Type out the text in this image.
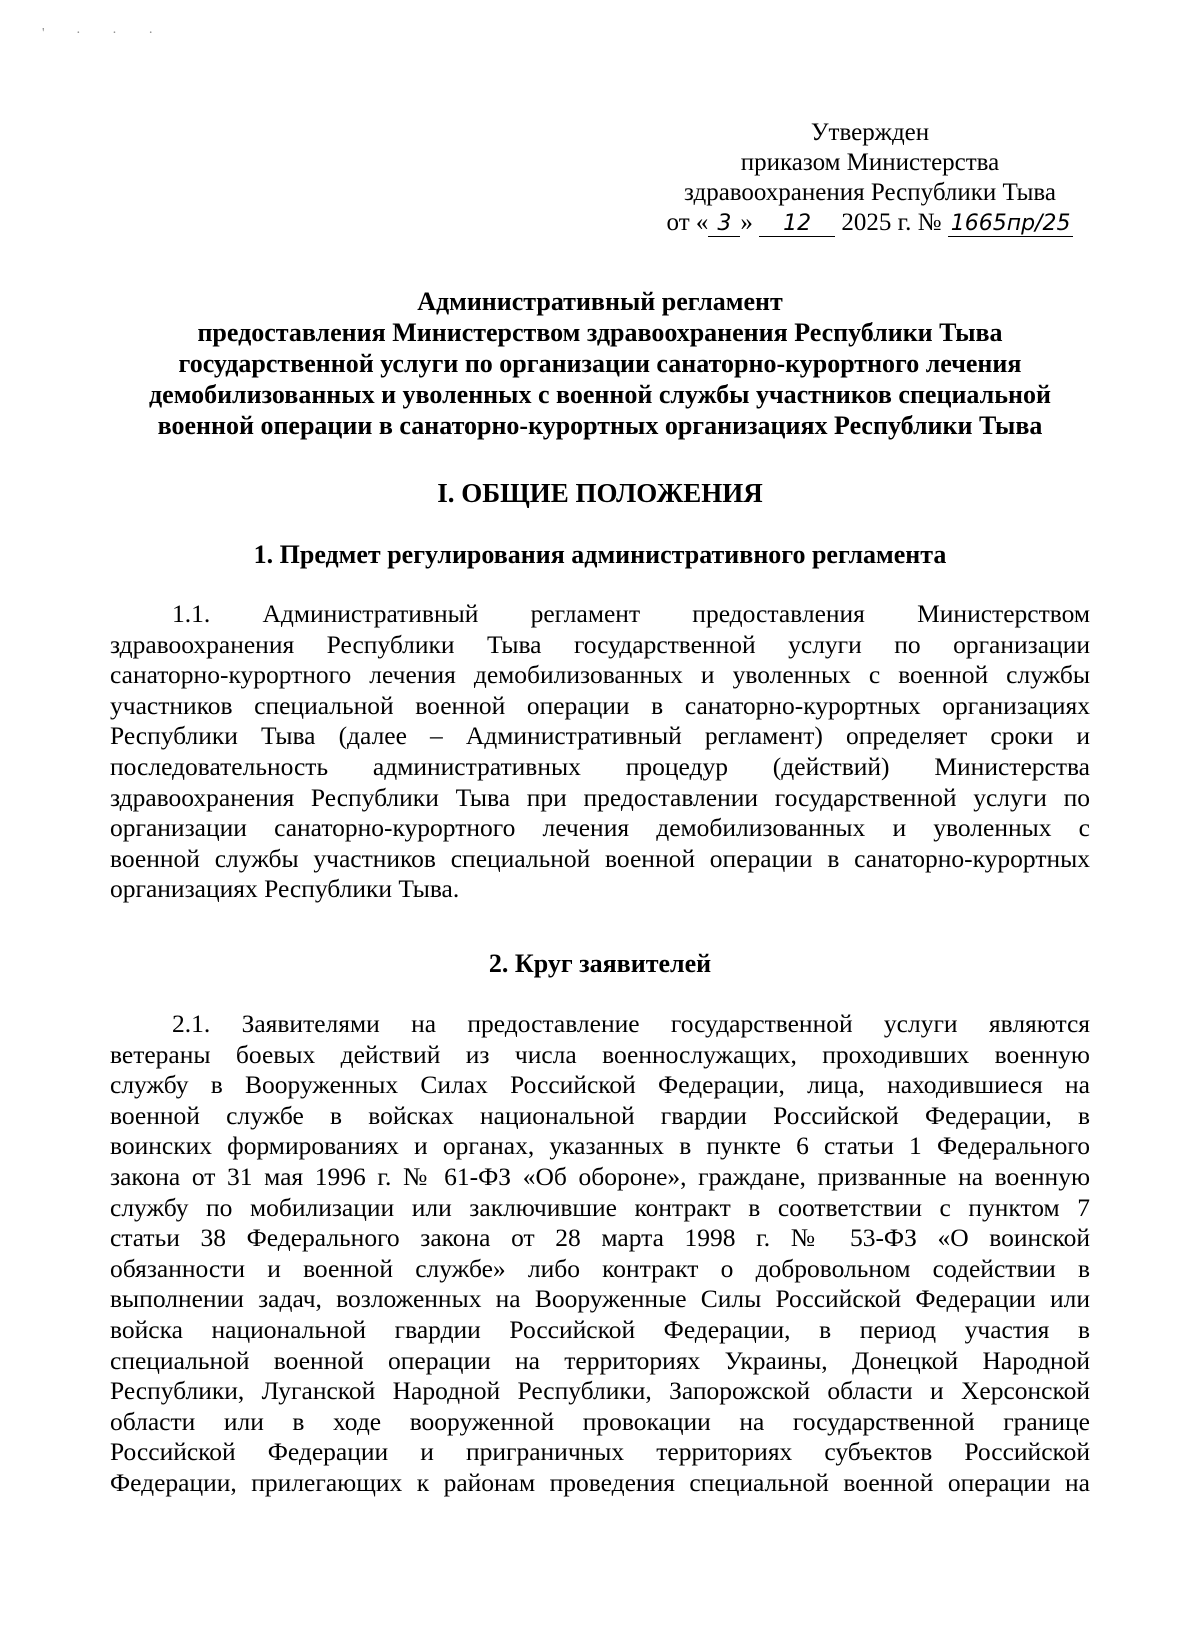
' · · ·
Утвержден
приказом Министерства
здравоохранения Республики Тыва
от « 3 » 12 2025 г. № 1665пр/25
Административный регламент
предоставления Министерством здравоохранения Республики Тыва
государственной услуги по организации санаторно-курортного лечения
демобилизованных и уволенных с военной службы участников специальной
военной операции в санаторно-курортных организациях Республики Тыва
I. ОБЩИЕ ПОЛОЖЕНИЯ
1. Предмет регулирования административного регламента
1.1. Административный регламент предоставления Министерством
здравоохранения Республики Тыва государственной услуги по организации
санаторно-курортного лечения демобилизованных и уволенных с военной службы
участников специальной военной операции в санаторно-курортных организациях
Республики Тыва (далее – Административный регламент) определяет сроки и
последовательность административных процедур (действий) Министерства
здравоохранения Республики Тыва при предоставлении государственной услуги по
организации санаторно-курортного лечения демобилизованных и уволенных с
военной службы участников специальной военной операции в санаторно-курортных
организациях Республики Тыва.
2. Круг заявителей
2.1. Заявителями на предоставление государственной услуги являются
ветераны боевых действий из числа военнослужащих, проходивших военную
службу в Вооруженных Силах Российской Федерации, лица, находившиеся на
военной службе в войсках национальной гвардии Российской Федерации, в
воинских формированиях и органах, указанных в пункте 6 статьи 1 Федерального
закона от 31 мая 1996 г. № 61-ФЗ «Об обороне», граждане, призванные на военную
службу по мобилизации или заключившие контракт в соответствии с пунктом 7
статьи 38 Федерального закона от 28 марта 1998 г. № 53-ФЗ «О воинской
обязанности и военной службе» либо контракт о добровольном содействии в
выполнении задач, возложенных на Вооруженные Силы Российской Федерации или
войска национальной гвардии Российской Федерации, в период участия в
специальной военной операции на территориях Украины, Донецкой Народной
Республики, Луганской Народной Республики, Запорожской области и Херсонской
области или в ходе вооруженной провокации на государственной границе
Российской Федерации и приграничных территориях субъектов Российской
Федерации, прилегающих к районам проведения специальной военной операции на
